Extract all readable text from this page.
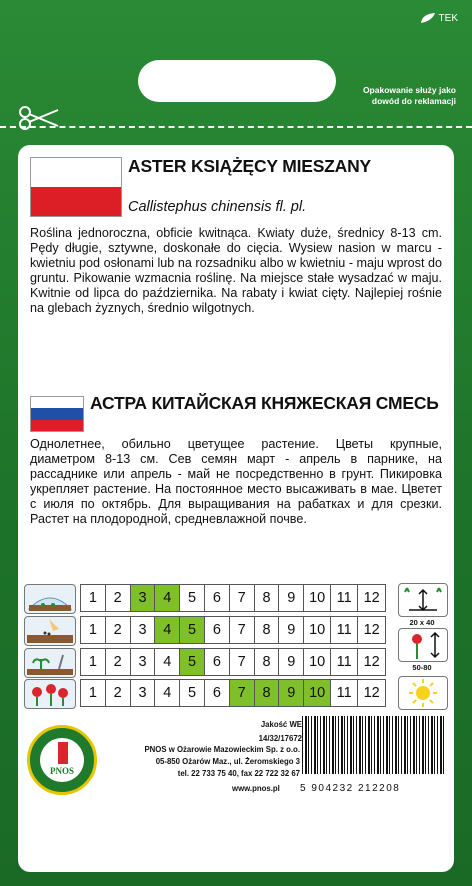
TEK
Opakowanie służy jako dowód do reklamacji
ASTER KSIĄŻĘCY MIESZANY
Callistephus chinensis fl. pl.
Roślina jednoroczna, obficie kwitnąca. Kwiaty duże, średnicy 8-13 cm. Pędy długie, sztywne, doskonałe do cięcia. Wysiew nasion w marcu - kwietniu pod osłonami lub na rozsadniku albo w kwietniu - maju wprost do gruntu. Pikowanie wzmacnia roślinę. Na miejsce stałe wysadzać w maju. Kwitnie od lipca do października. Na rabaty i kwiat cięty. Najlepiej rośnie na glebach żyznych, średnio wilgotnych.
АСТРА КИТАЙСКАЯ КНЯЖЕСКАЯ СМЕСЬ
Однолетнее, обильно цветущее растение. Цветы крупные, диаметром 8-13 см. Сев семян март - апрель в парнике, на рассаднике или апрель - май не посредственно в грунт. Пикировка укрепляет растение. На постоянное место высаживать в мае. Цветет с июля по октябрь. Для выращивания на рабатках и для срезки. Растет на плодородной, средневлажной почве.
1	2	3	4	5	6	7	8	9 10 11 12
1	2	3	4	5	6	7	8	9 10 11 12
1	2	3	4	5	6	7	8	9 10 11 12
1	2	3	4	5	6	7	8	9 10 11 12
20 x 40
50-80
PNOS
Jakość WE
14/32/17672
PNOS w Ożarowie Mazowieckim Sp. z o.o.
05-850 Ożarów Maz., ul. Żeromskiego 3
tel. 22 733 75 40, fax 22 722 32 67
www.pnos.pl 5 904232 212208
